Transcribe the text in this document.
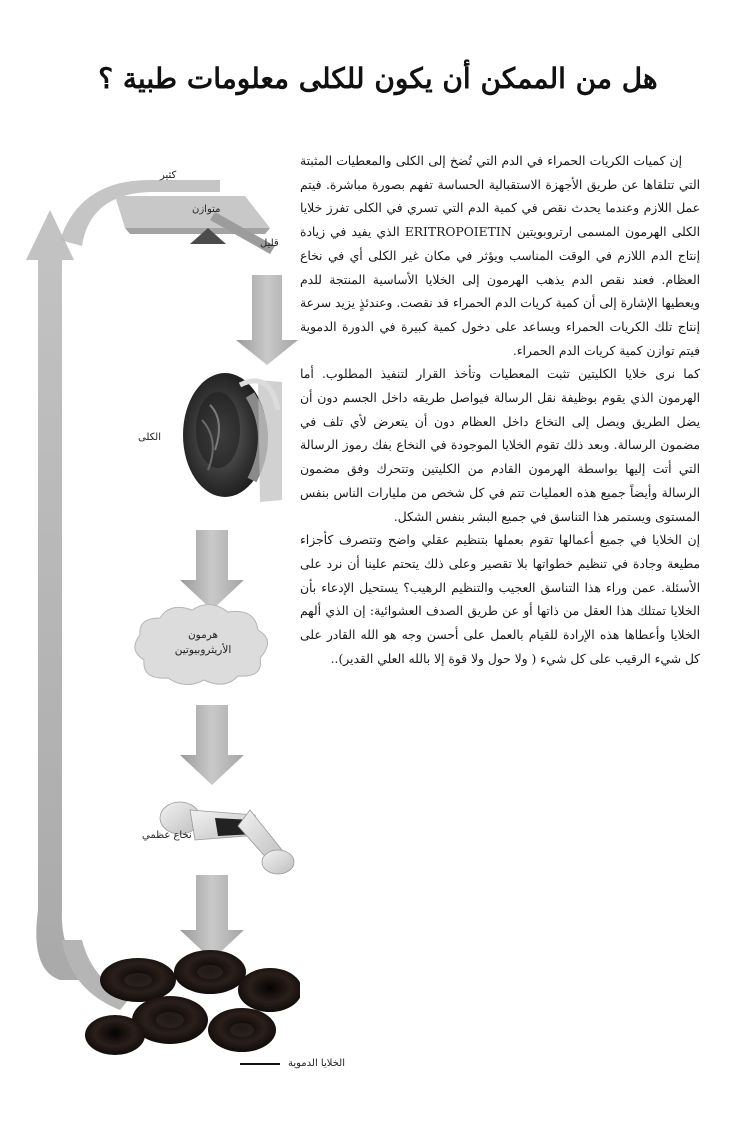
هل من الممكن أن يكون للكلى معلومات طبية ؟

إن كميات الكريات الحمراء في الدم التي تُضخ إلى الكلى والمعطيات المثبتة التي تتلقاها عن طريق الأجهزة الاستقبالية الحساسة تفهم بصورة مباشرة. فيتم عمل اللازم وعندما يحدث نقص في كمية الدم التي تسري في الكلى تفرز خلايا الكلى الهرمون المسمى ارتروبويتين ERITROPOIETIN الذي يفيد في زيادة إنتاج الدم اللازم في الوقت المناسب ويؤثر في مكان غير الكلى أي في نخاع العظام. فعند نقص الدم يذهب الهرمون إلى الخلايا الأساسية المنتجة للدم ويعطيها الإشارة إلى أن كمية كريات الدم الحمراء قد نقصت. وعندئذٍ يزيد سرعة إنتاج تلك الكريات الحمراء ويساعد على دخول كمية كبيرة في الدورة الدموية فيتم توازن كمية كريات الدم الحمراء.

كما نرى خلايا الكليتين تثبت المعطيات وتأخذ القرار لتنفيذ المطلوب. أما الهرمون الذي يقوم بوظيفة نقل الرسالة فيواصل طريقه داخل الجسم دون أن يضل الطريق ويصل إلى النخاع داخل العظام دون أن يتعرض لأي تلف في مضمون الرسالة. وبعد ذلك تقوم الخلايا الموجودة في النخاع بفك رموز الرسالة التي أتت إليها بواسطة الهرمون القادم من الكليتين وتتحرك وفق مضمون الرسالة وأيضاً جميع هذه العمليات تتم في كل شخص من مليارات الناس بنفس المستوى ويستمر هذا التناسق في جميع البشر بنفس الشكل.

إن الخلايا في جميع أعمالها تقوم بعملها بتنظيم عقلي واضح وتتصرف كأجزاء مطيعة وجادة في تنظيم خطواتها بلا تقصير وعلى ذلك يتحتم علينا أن نرد على الأسئلة. عمن وراء هذا التناسق العجيب والتنظيم الرهيب؟ يستحيل الإدعاء بأن الخلايا تمتلك هذا العقل من ذاتها أو عن طريق الصدف العشوائية: إن الذي ألهم الخلايا وأعطاها هذه الإرادة للقيام بالعمل على أحسن وجه هو الله القادر على كل شيء الرقيب على كل شيء ( ولا حول ولا قوة إلا بالله العلي القدير)..

كثير
متوازن
قليل
الكلى
هرمون
الأريثروبيوتين
نخاع عظمي
الخلايا الدموية
